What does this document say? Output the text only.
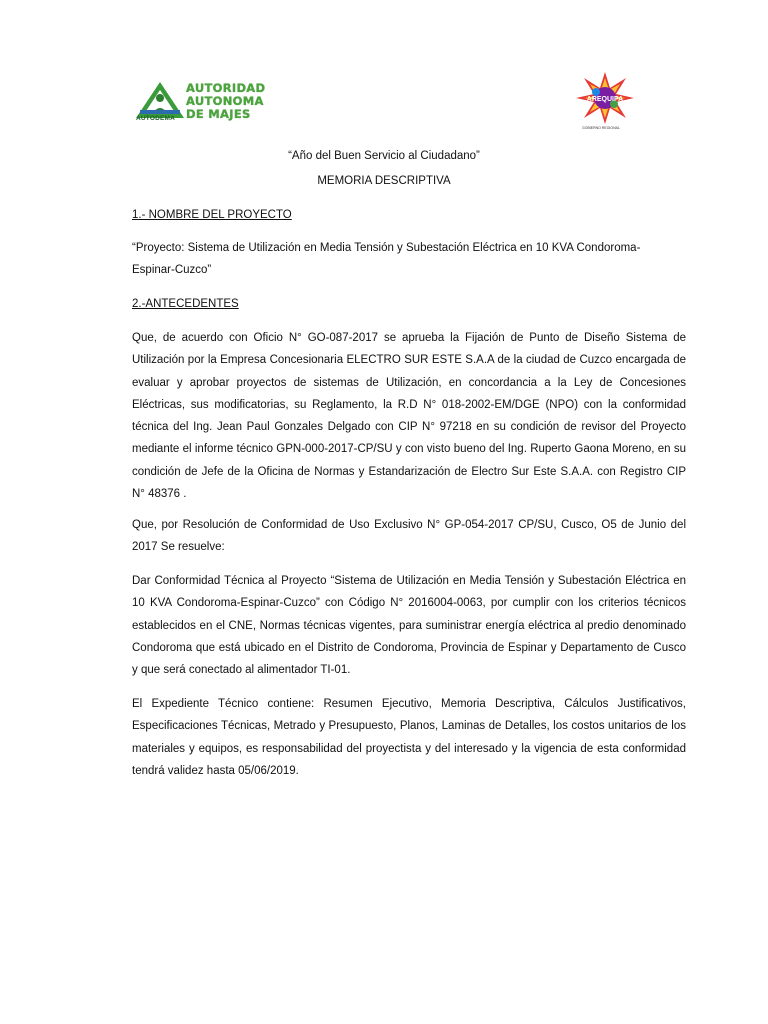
AUTORIDAD
AUTONOMA
DE MAJES
AUTODEMA
AREQUIPA
GOBIERNO REGIONAL
“Año del Buen Servicio al Ciudadano”
MEMORIA DESCRIPTIVA
1.- NOMBRE DEL PROYECTO
“Proyecto: Sistema de Utilización en Media Tensión y Subestación Eléctrica en 10 KVA Condoroma-
Espinar-Cuzco”
2.-ANTECEDENTES
Que, de acuerdo con Oficio N° GO-087-2017 se aprueba la Fijación de Punto de Diseño Sistema de Utilización por la Empresa Concesionaria ELECTRO SUR ESTE S.A.A de la ciudad de Cuzco encargada de evaluar y aprobar proyectos de sistemas de Utilización, en concordancia a la Ley de Concesiones Eléctricas, sus modificatorias, su Reglamento, la R.D N° 018-2002-EM/DGE (NPO) con la conformidad técnica del Ing. Jean Paul Gonzales Delgado con CIP N° 97218 en su condición de revisor del Proyecto mediante el informe técnico GPN-000-2017-CP/SU y con visto bueno del Ing. Ruperto Gaona Moreno, en su condición de Jefe de la Oficina de Normas y Estandarización de Electro Sur Este S.A.A. con Registro CIP N° 48376 .
Que, por Resolución de Conformidad de Uso Exclusivo N° GP-054-2017 CP/SU, Cusco, O5 de Junio del 2017 Se resuelve:
Dar Conformidad Técnica al Proyecto “Sistema de Utilización en Media Tensión y Subestación Eléctrica en 10 KVA Condoroma-Espinar-Cuzco” con Código N° 2016004-0063, por cumplir con los criterios técnicos establecidos en el CNE, Normas técnicas vigentes, para suministrar energía eléctrica al predio denominado Condoroma que está ubicado en el Distrito de Condoroma, Provincia de Espinar y Departamento de Cusco y que será conectado al alimentador TI-01.
El Expediente Técnico contiene: Resumen Ejecutivo, Memoria Descriptiva, Cálculos Justificativos, Especificaciones Técnicas, Metrado y Presupuesto, Planos, Laminas de Detalles, los costos unitarios de los materiales y equipos, es responsabilidad del proyectista y del interesado y la vigencia de esta conformidad tendrá validez hasta 05/06/2019.
